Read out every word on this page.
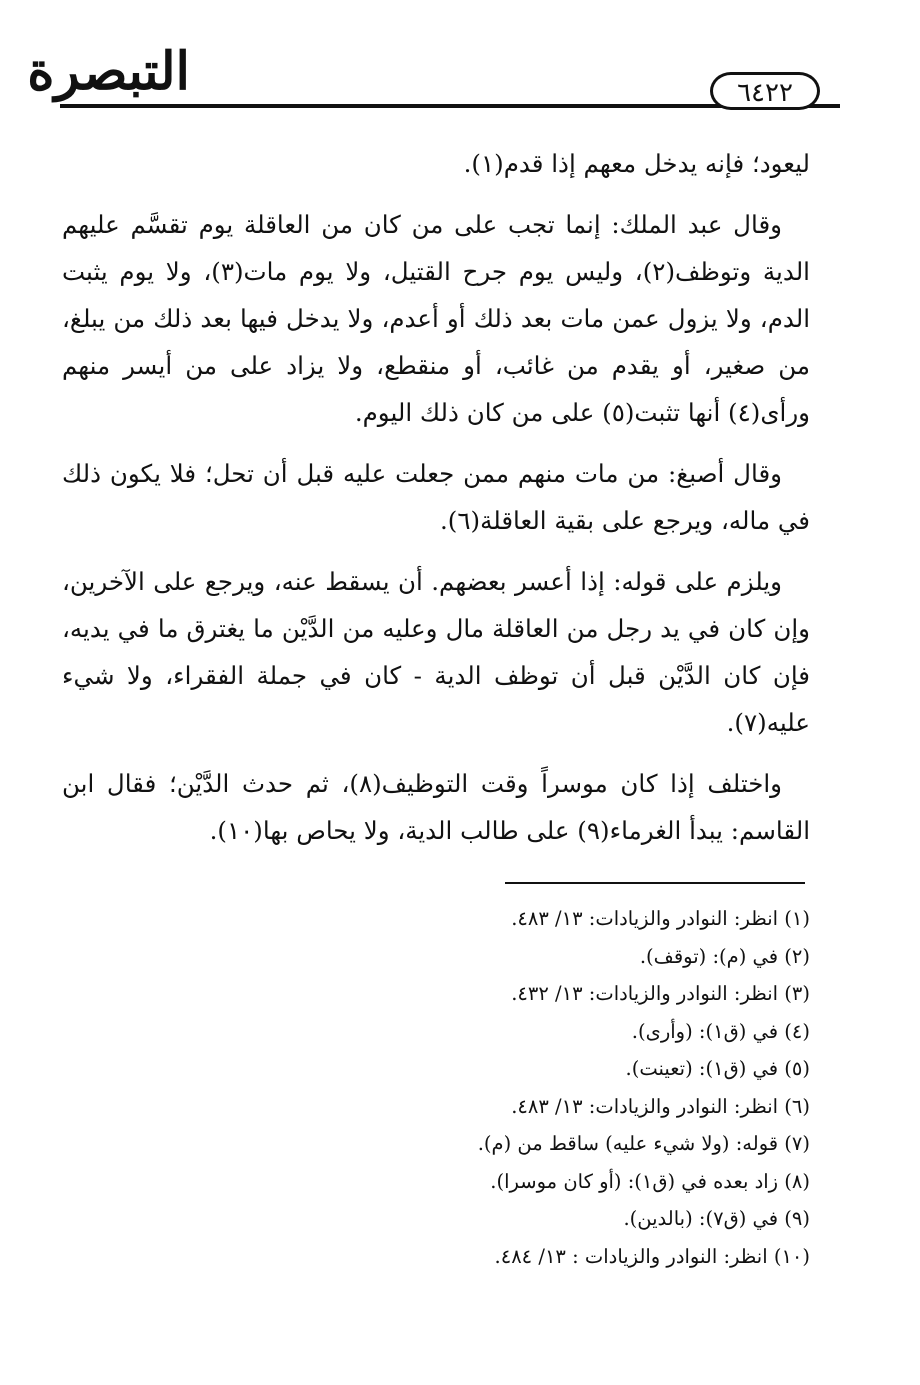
التبصرة	٦٤٢٢

ليعود؛ فإنه يدخل معهم إذا قدم(١).

وقال عبد الملك: إنما تجب على من كان من العاقلة يوم تقسَّم عليهم الدية وتوظف(٢)، وليس يوم جرح القتيل، ولا يوم مات(٣)، ولا يوم يثبت الدم، ولا يزول عمن مات بعد ذلك أو أعدم، ولا يدخل فيها بعد ذلك من يبلغ، من صغير، أو يقدم من غائب، أو منقطع، ولا يزاد على من أيسر منهم ورأى(٤) أنها تثبت(٥) على من كان ذلك اليوم.

وقال أصبغ: من مات منهم ممن جعلت عليه قبل أن تحل؛ فلا يكون ذلك في ماله، ويرجع على بقية العاقلة(٦).

ويلزم على قوله: إذا أعسر بعضهم. أن يسقط عنه، ويرجع على الآخرين، وإن كان في يد رجل من العاقلة مال وعليه من الدَّيْن ما يغترق ما في يديه، فإن كان الدَّيْن قبل أن توظف الدية - كان في جملة الفقراء، ولا شيء عليه(٧).

واختلف إذا كان موسراً وقت التوظيف(٨)، ثم حدث الدَّيْن؛ فقال ابن القاسم: يبدأ الغرماء(٩) على طالب الدية، ولا يحاص بها(١٠).

(١) انظر: النوادر والزيادات: ١٣/ ٤٨٣.
(٢) في (م): (توقف).
(٣) انظر: النوادر والزيادات: ١٣/ ٤٣٢.
(٤) في (ق١): (وأرى).
(٥) في (ق١): (تعينت).
(٦) انظر: النوادر والزيادات: ١٣/ ٤٨٣.
(٧) قوله: (ولا شيء عليه) ساقط من (م).
(٨) زاد بعده في (ق١): (أو كان موسرا).
(٩) في (ق٧): (بالدين).
(١٠) انظر: النوادر والزيادات : ١٣/ ٤٨٤.
